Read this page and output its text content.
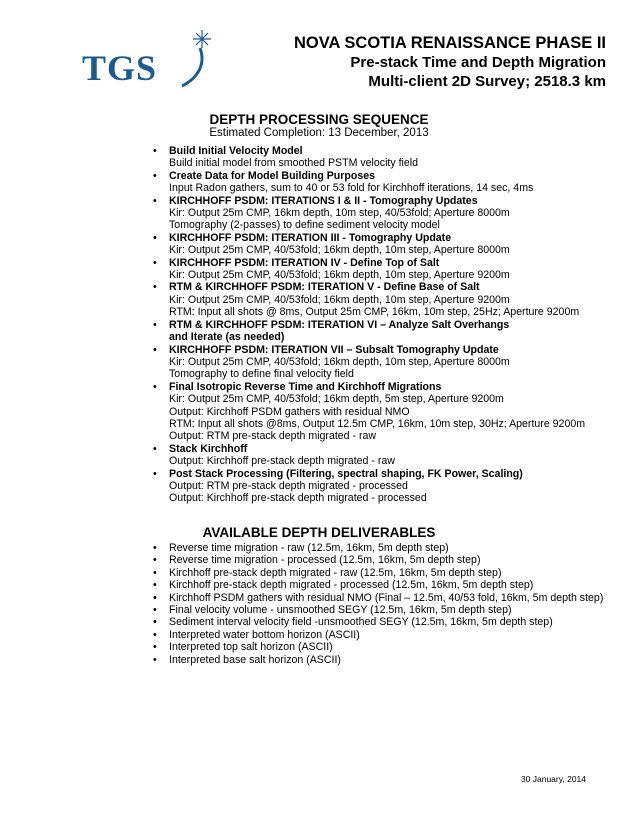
TGS
NOVA SCOTIA RENAISSANCE PHASE II
Pre-stack Time and Depth Migration
Multi-client 2D Survey; 2518.3 km
DEPTH PROCESSING SEQUENCE
Estimated Completion: 13 December, 2013
•	Build Initial Velocity Model
Build initial model from smoothed PSTM velocity field
•	Create Data for Model Building Purposes
Input Radon gathers, sum to 40 or 53 fold for Kirchhoff iterations, 14 sec, 4ms
•	KIRCHHOFF PSDM: ITERATIONS I & II - Tomography Updates
Kir: Output 25m CMP, 16km depth, 10m step, 40/53fold; Aperture 8000m
Tomography (2-passes) to define sediment velocity model
•	KIRCHHOFF PSDM: ITERATION III - Tomography Update
Kir: Output 25m CMP, 40/53fold; 16km depth, 10m step, Aperture 8000m
•	KIRCHHOFF PSDM: ITERATION IV - Define Top of Salt
Kir: Output 25m CMP, 40/53fold; 16km depth, 10m step, Aperture 9200m
•	RTM & KIRCHHOFF PSDM: ITERATION V - Define Base of Salt
Kir: Output 25m CMP, 40/53fold; 16km depth, 10m step, Aperture 9200m
RTM: Input all shots @ 8ms, Output 25m CMP, 16km, 10m step, 25Hz; Aperture 9200m
•	RTM & KIRCHHOFF PSDM: ITERATION VI – Analyze Salt Overhangs
and Iterate (as needed)
•	KIRCHHOFF PSDM: ITERATION VII – Subsalt Tomography Update
Kir: Output 25m CMP, 40/53fold; 16km depth, 10m step, Aperture 8000m
Tomography to define final velocity field
•	Final Isotropic Reverse Time and Kirchhoff Migrations
Kir: Output 25m CMP, 40/53fold; 16km depth, 5m step, Aperture 9200m
Output: Kirchhoff PSDM gathers with residual NMO
RTM: Input all shots @8ms, Output 12.5m CMP, 16km, 10m step, 30Hz; Aperture 9200m
Output: RTM pre-stack depth migrated - raw
•	Stack Kirchhoff
Output: Kirchhoff pre-stack depth migrated - raw
•	Post Stack Processing (Filtering, spectral shaping, FK Power, Scaling)
Output: RTM pre-stack depth migrated - processed
Output: Kirchhoff pre-stack depth migrated - processed
AVAILABLE DEPTH DELIVERABLES
•	Reverse time migration - raw (12.5m, 16km, 5m depth step)
•	Reverse time migration - processed (12.5m, 16km, 5m depth step)
•	Kirchhoff pre-stack depth migrated - raw (12.5m, 16km, 5m depth step)
•	Kirchhoff pre-stack depth migrated - processed (12.5m, 16km, 5m depth step)
•	Kirchhoff PSDM gathers with residual NMO (Final – 12.5m, 40/53 fold, 16km, 5m depth step)
•	Final velocity volume - unsmoothed SEGY (12.5m, 16km, 5m depth step)
•	Sediment interval velocity field -unsmoothed SEGY (12.5m, 16km, 5m depth step)
•	Interpreted water bottom horizon (ASCII)
•	Interpreted top salt horizon (ASCII)
•	Interpreted base salt horizon (ASCII)
30 January, 2014
